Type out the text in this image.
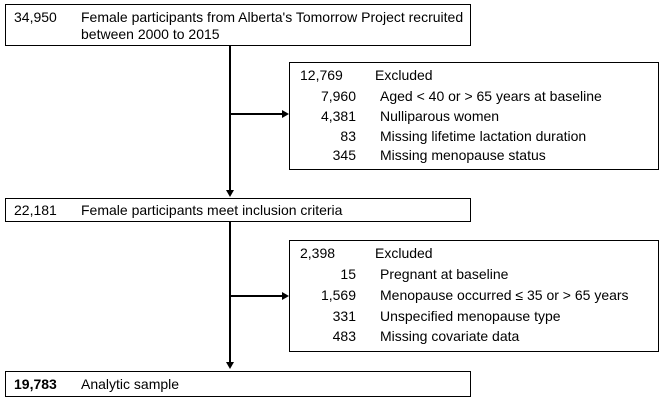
34,950 Female participants from Alberta's Tomorrow Project recruited
between 2000 to 2015
12,769 Excluded
7,960 Aged < 40 or > 65 years at baseline
4,381 Nulliparous women
83 Missing lifetime lactation duration
345 Missing menopause status
22,181 Female participants meet inclusion criteria
2,398	Excluded
15 Pregnant at baseline
1,569 Menopause occurred ≤ 35 or > 65 years
331 Unspecified menopause type
483 Missing covariate data
19,783 Analytic sample
